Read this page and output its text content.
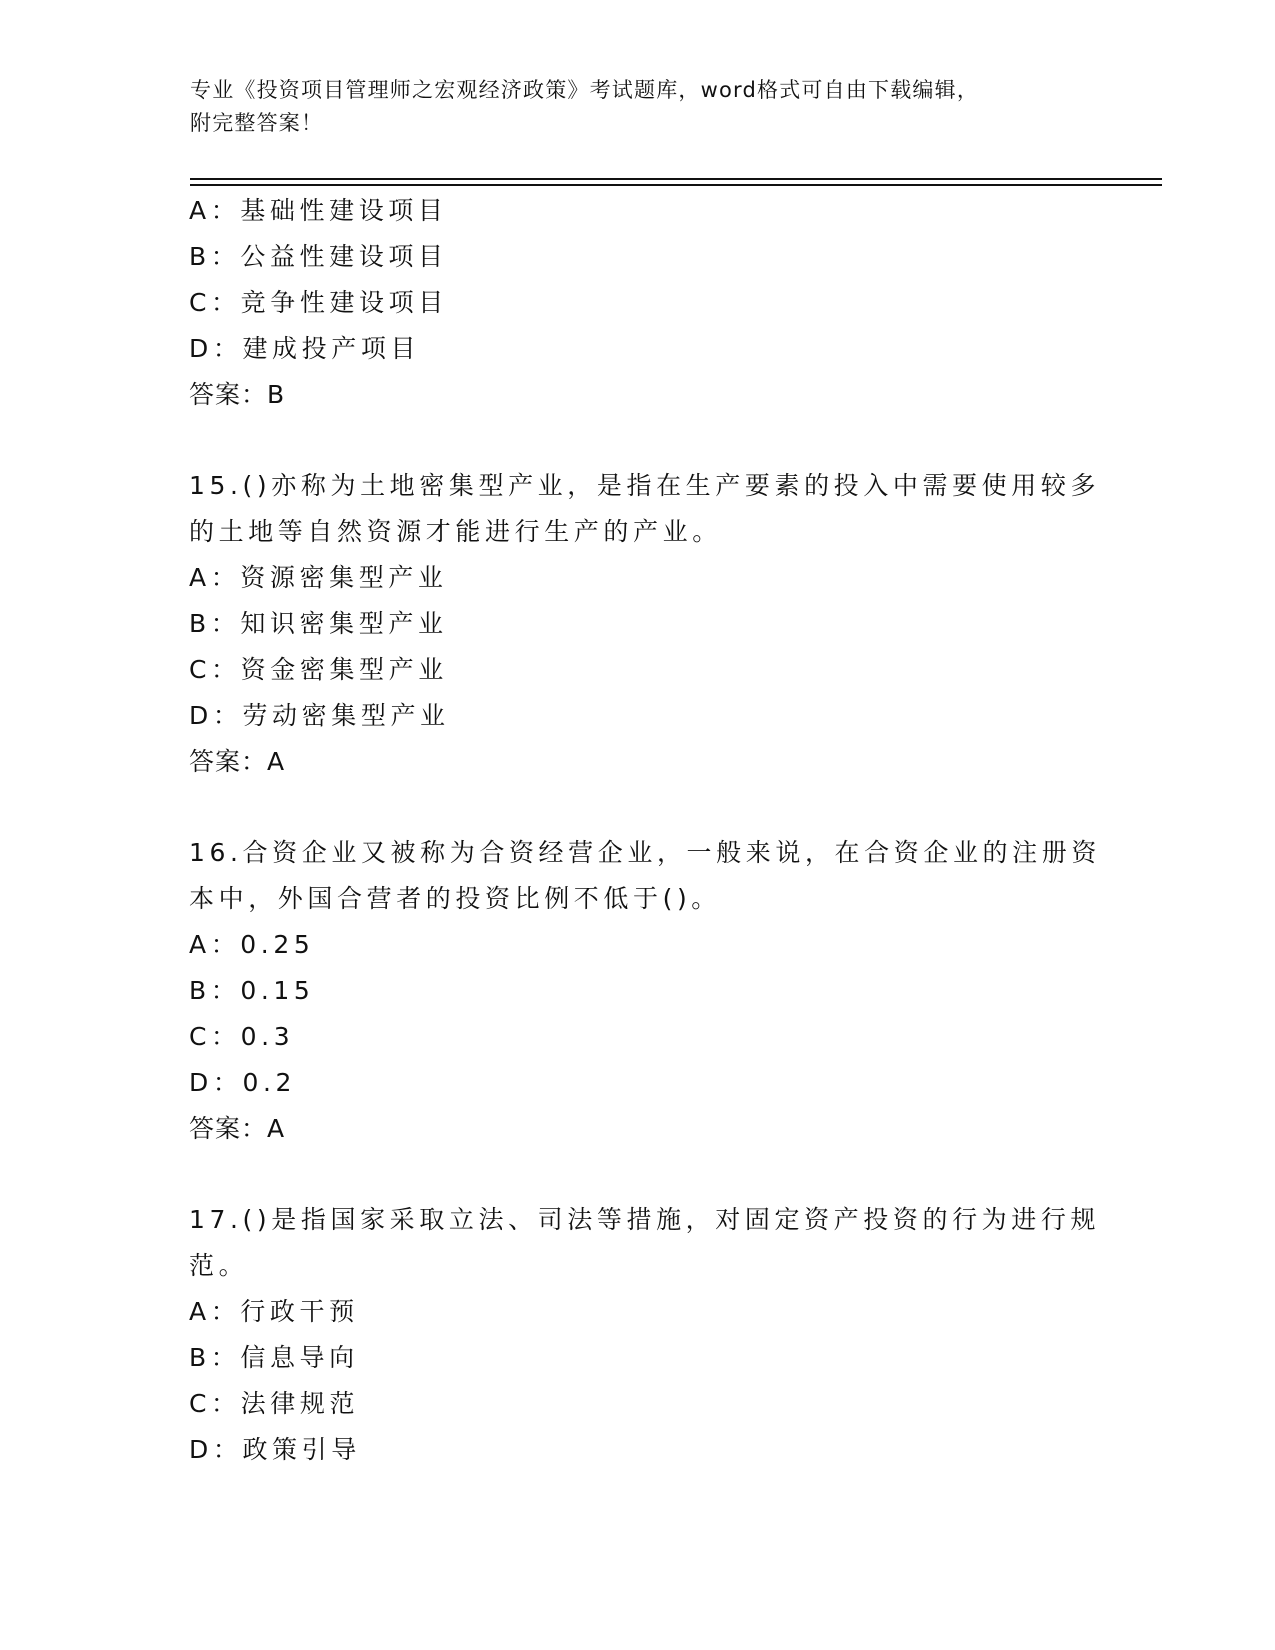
专业《投资项目管理师之宏观经济政策》考试题库，word格式可自由下载编辑，
附完整答案！
A：基础性建设项目
B：公益性建设项目
C：竞争性建设项目
D：建成投产项目
答案：B
15.()亦称为土地密集型产业，是指在生产要素的投入中需要使用较多
的土地等自然资源才能进行生产的产业。
A：资源密集型产业
B：知识密集型产业
C：资金密集型产业
D：劳动密集型产业
答案：A
16.合资企业又被称为合资经营企业，一般来说，在合资企业的注册资
本中，外国合营者的投资比例不低于()。
A：0.25
B：0.15
C：0.3
D：0.2
答案：A
17.()是指国家采取立法、司法等措施，对固定资产投资的行为进行规
范。
A：行政干预
B：信息导向
C：法律规范
D：政策引导
